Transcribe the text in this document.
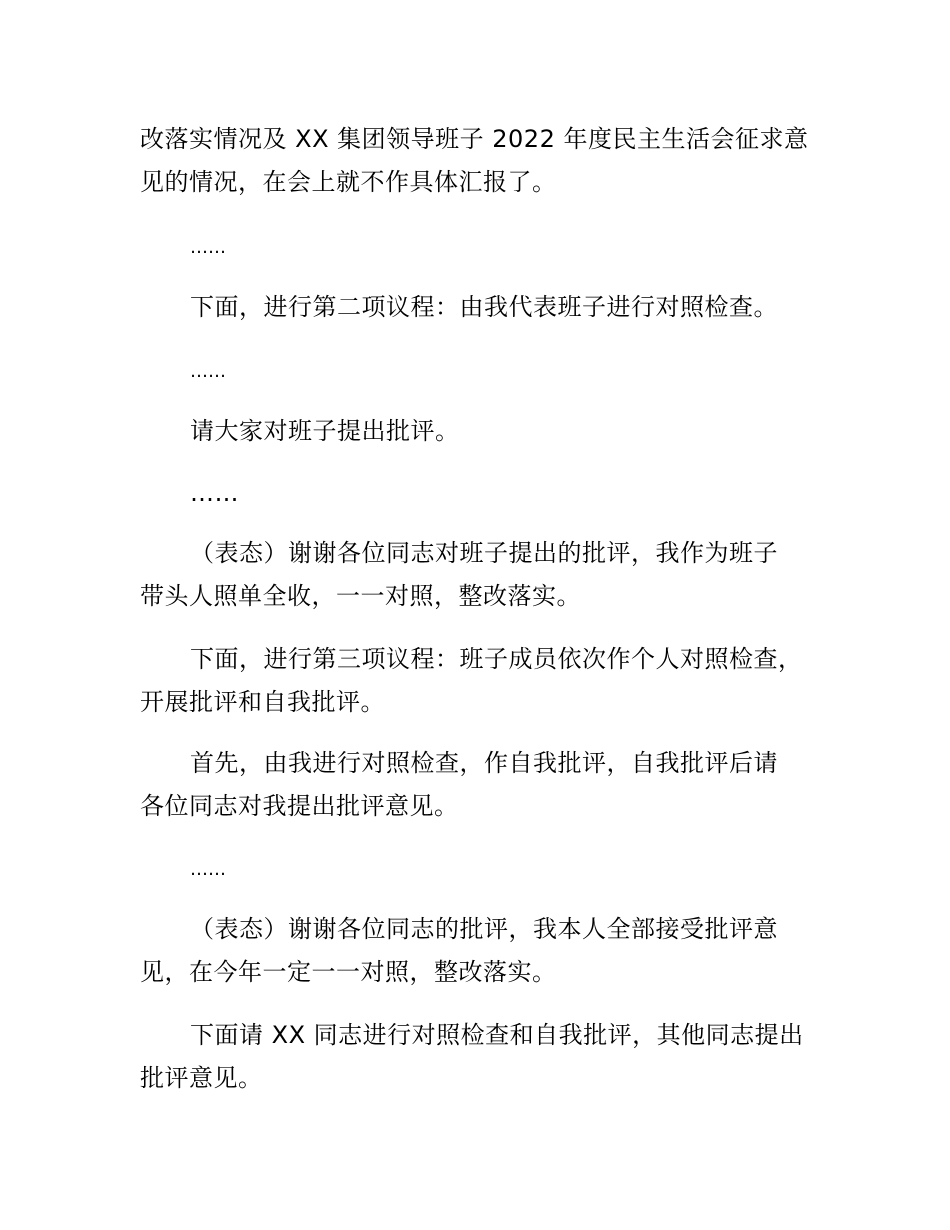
改落实情况及 XX 集团领导班子 2022 年度民主生活会征求意
见的情况，在会上就不作具体汇报了。
……
下面，进行第二项议程：由我代表班子进行对照检查。
……
请大家对班子提出批评。
……
（表态）谢谢各位同志对班子提出的批评，我作为班子
带头人照单全收，一一对照，整改落实。
下面，进行第三项议程：班子成员依次作个人对照检查，
开展批评和自我批评。
首先，由我进行对照检查，作自我批评，自我批评后请
各位同志对我提出批评意见。
……
（表态）谢谢各位同志的批评，我本人全部接受批评意
见，在今年一定一一对照，整改落实。
下面请 XX 同志进行对照检查和自我批评，其他同志提出
批评意见。
